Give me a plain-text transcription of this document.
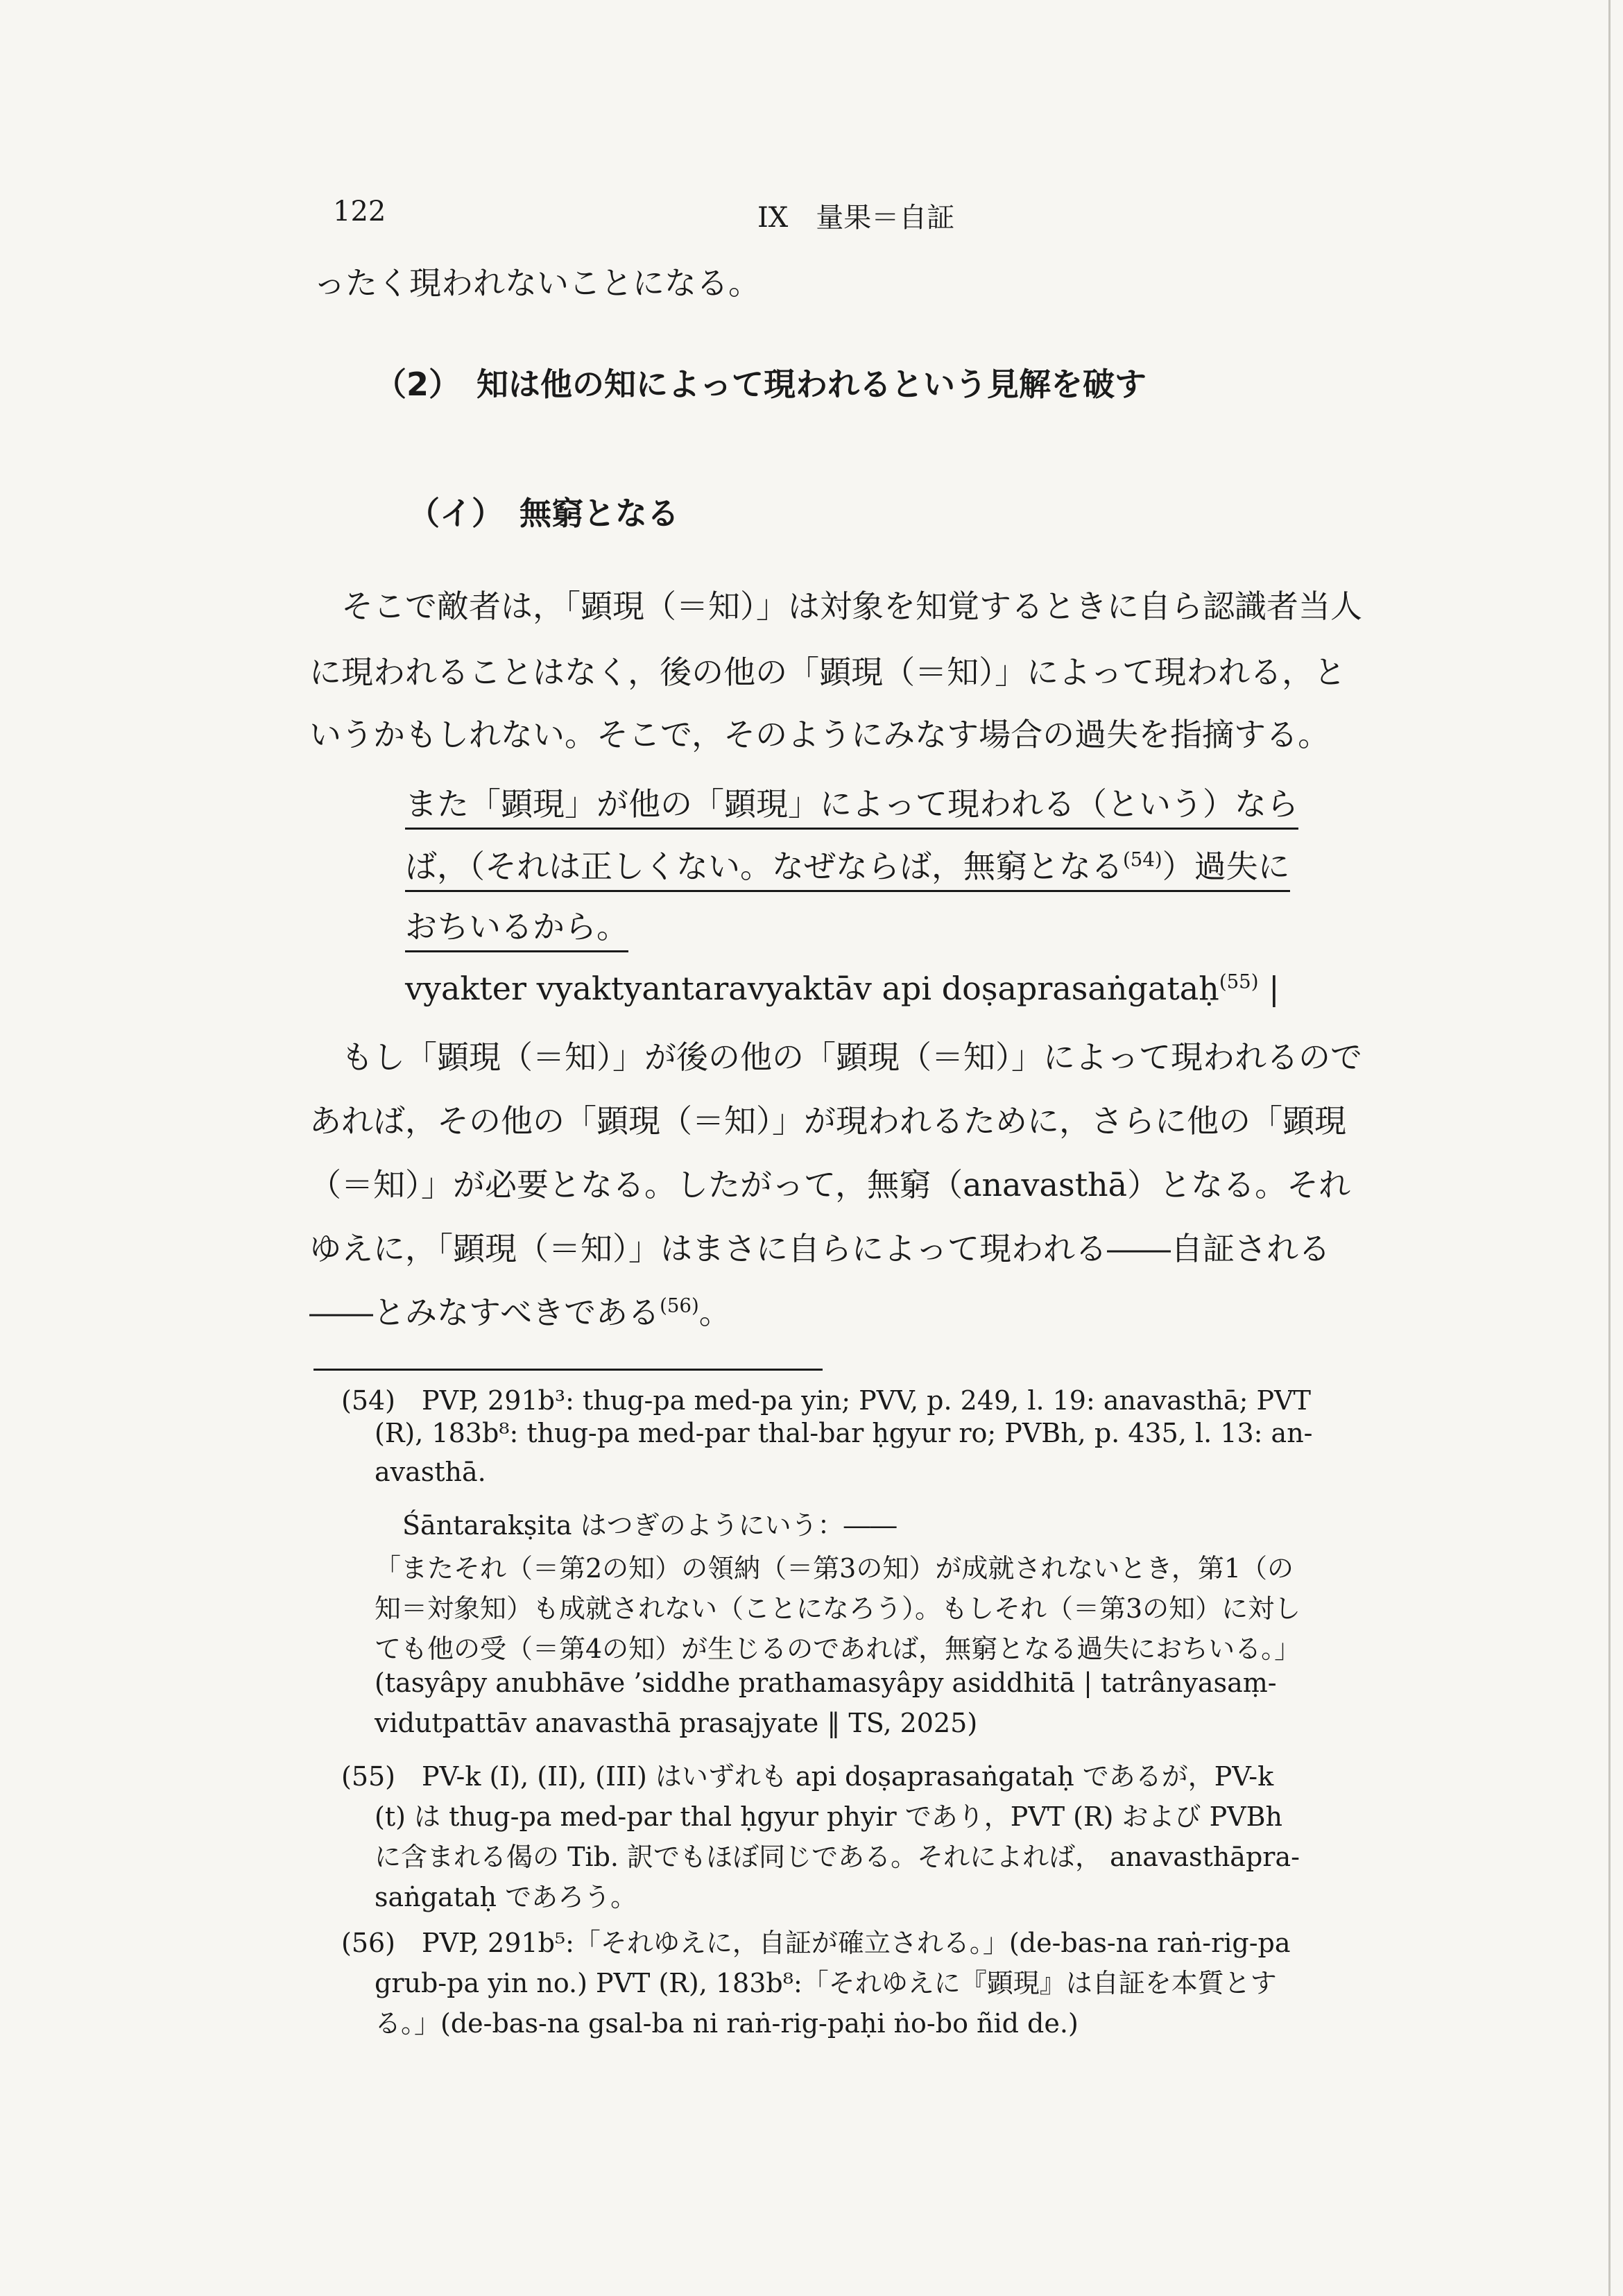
122	IX　量果＝自証
ったく現われないことになる。
（2）　知は他の知によって現われるという見解を破す
（イ）　無窮となる
そこで敵者は，「顕現（＝知）」は対象を知覚するときに自ら認識者当人
に現われることはなく，後の他の「顕現（＝知）」によって現われる，と
いうかもしれない。そこで，そのようにみなす場合の過失を指摘する。
また「顕現」が他の「顕現」によって現われる（という）なら
ば，（それは正しくない。なぜならば，無窮となる$^{(54)}$）過失に
おちいるから。
vyakter vyaktyantaravyaktāv api doṣaprasaṅgataḥ$^{(55)}$ |
もし「顕現（＝知）」が後の他の「顕現（＝知）」によって現われるので
あれば，その他の「顕現（＝知）」が現われるために，さらに他の「顕現
（＝知）」が必要となる。したがって，無窮（anavasthā）となる。それ
ゆえに，「顕現（＝知）」はまさに自らによって現われる――自証される
――とみなすべきである$^{(56)}$。
(54)　PVP, 291b³: thug-pa med-pa yin; PVV, p. 249, l. 19: anavasthā; PVT
(R), 183b⁸: thug-pa med-par thal-bar ḥgyur ro; PVBh, p. 435, l. 13: an-
avasthā.
Śāntarakṣita はつぎのようにいう：――
「またそれ（＝第2の知）の領納（＝第3の知）が成就されないとき，第1（の
知＝対象知）も成就されない（ことになろう）。もしそれ（＝第3の知）に対し
ても他の受（＝第4の知）が生じるのであれば，無窮となる過失におちいる。」
(tasyâpy anubhāve ’siddhe prathamasyâpy asiddhitā | tatrânyasaṃ-
vidutpattāv anavasthā prasajyate ‖ TS, 2025)
(55)　PV-k (I), (II), (III) はいずれも api doṣaprasaṅgataḥ であるが，PV-k
(t) は thug-pa med-par thal ḥgyur phyir であり，PVT (R) および PVBh
に含まれる偈の Tib. 訳でもほぼ同じである。それによれば， anavasthāpra-
saṅgataḥ であろう。
(56)　PVP, 291b⁵:「それゆえに，自証が確立される。」(de-bas-na raṅ-rig-pa
grub-pa yin no.) PVT (R), 183b⁸:「それゆえに『顕現』は自証を本質とす
る。」(de-bas-na gsal-ba ni raṅ-rig-paḥi ṅo-bo ñid de.)
